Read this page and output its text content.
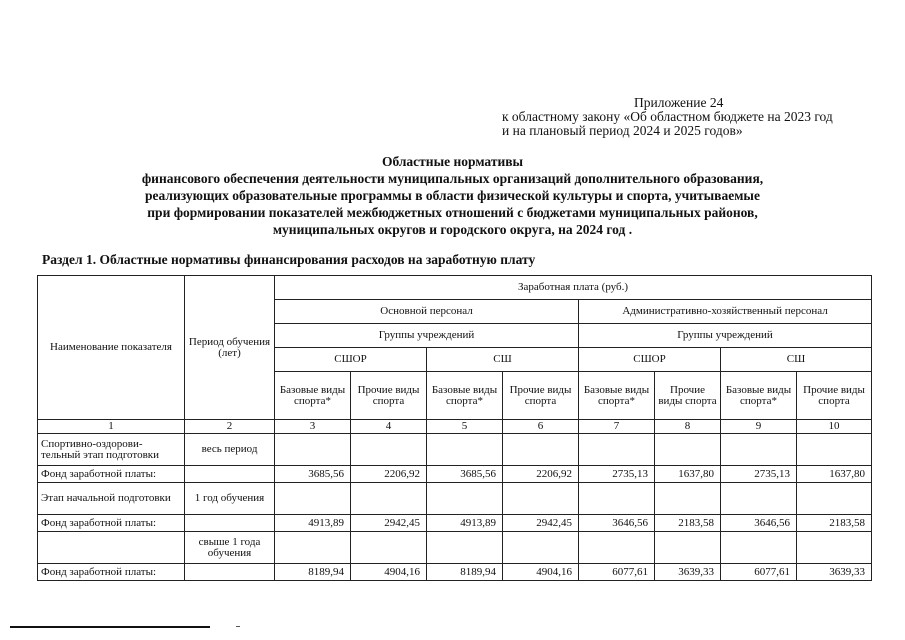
Приложение 24
к областному закону «Об областном бюджете на 2023 год
и на плановый период 2024 и 2025 годов»
Областные нормативы
финансового обеспечения деятельности муниципальных организаций дополнительного образования,
реализующих образовательные программы в области физической культуры и спорта, учитываемые
при формировании показателей межбюджетных отношений с бюджетами муниципальных районов,
муниципальных округов и городского округа, на 2024 год .
Раздел 1. Областные нормативы финансирования расходов на заработную плату
Наименование показателя	Период обучения (лет)	Заработная плата (руб.)							
		Основной персонал				Административно-хозяйственный персонал			
		Группы учреждений				Группы учреждений			
		СШОР		СШ		СШОР		СШ	
		Базовые виды спорта*	Прочие виды спорта	Базовые виды спорта*	Прочие виды спорта	Базовые виды спорта*	Прочие виды спорта	Базовые виды спорта*	Прочие виды спорта
1	2	3	4	5	6	7	8	9	10
Спортивно-оздорови-тельный этап подготовки	весь период								
Фонд заработной платы:		3685,56	2206,92	3685,56	2206,92	2735,13	1637,80	2735,13	1637,80
Этап начальной подготовки	1 год обучения								
Фонд заработной платы:		4913,89	2942,45	4913,89	2942,45	3646,56	2183,58	3646,56	2183,58
	свыше 1 года обучения								
Фонд заработной платы:		8189,94	4904,16	8189,94	4904,16	6077,61	3639,33	6077,61	3639,33
